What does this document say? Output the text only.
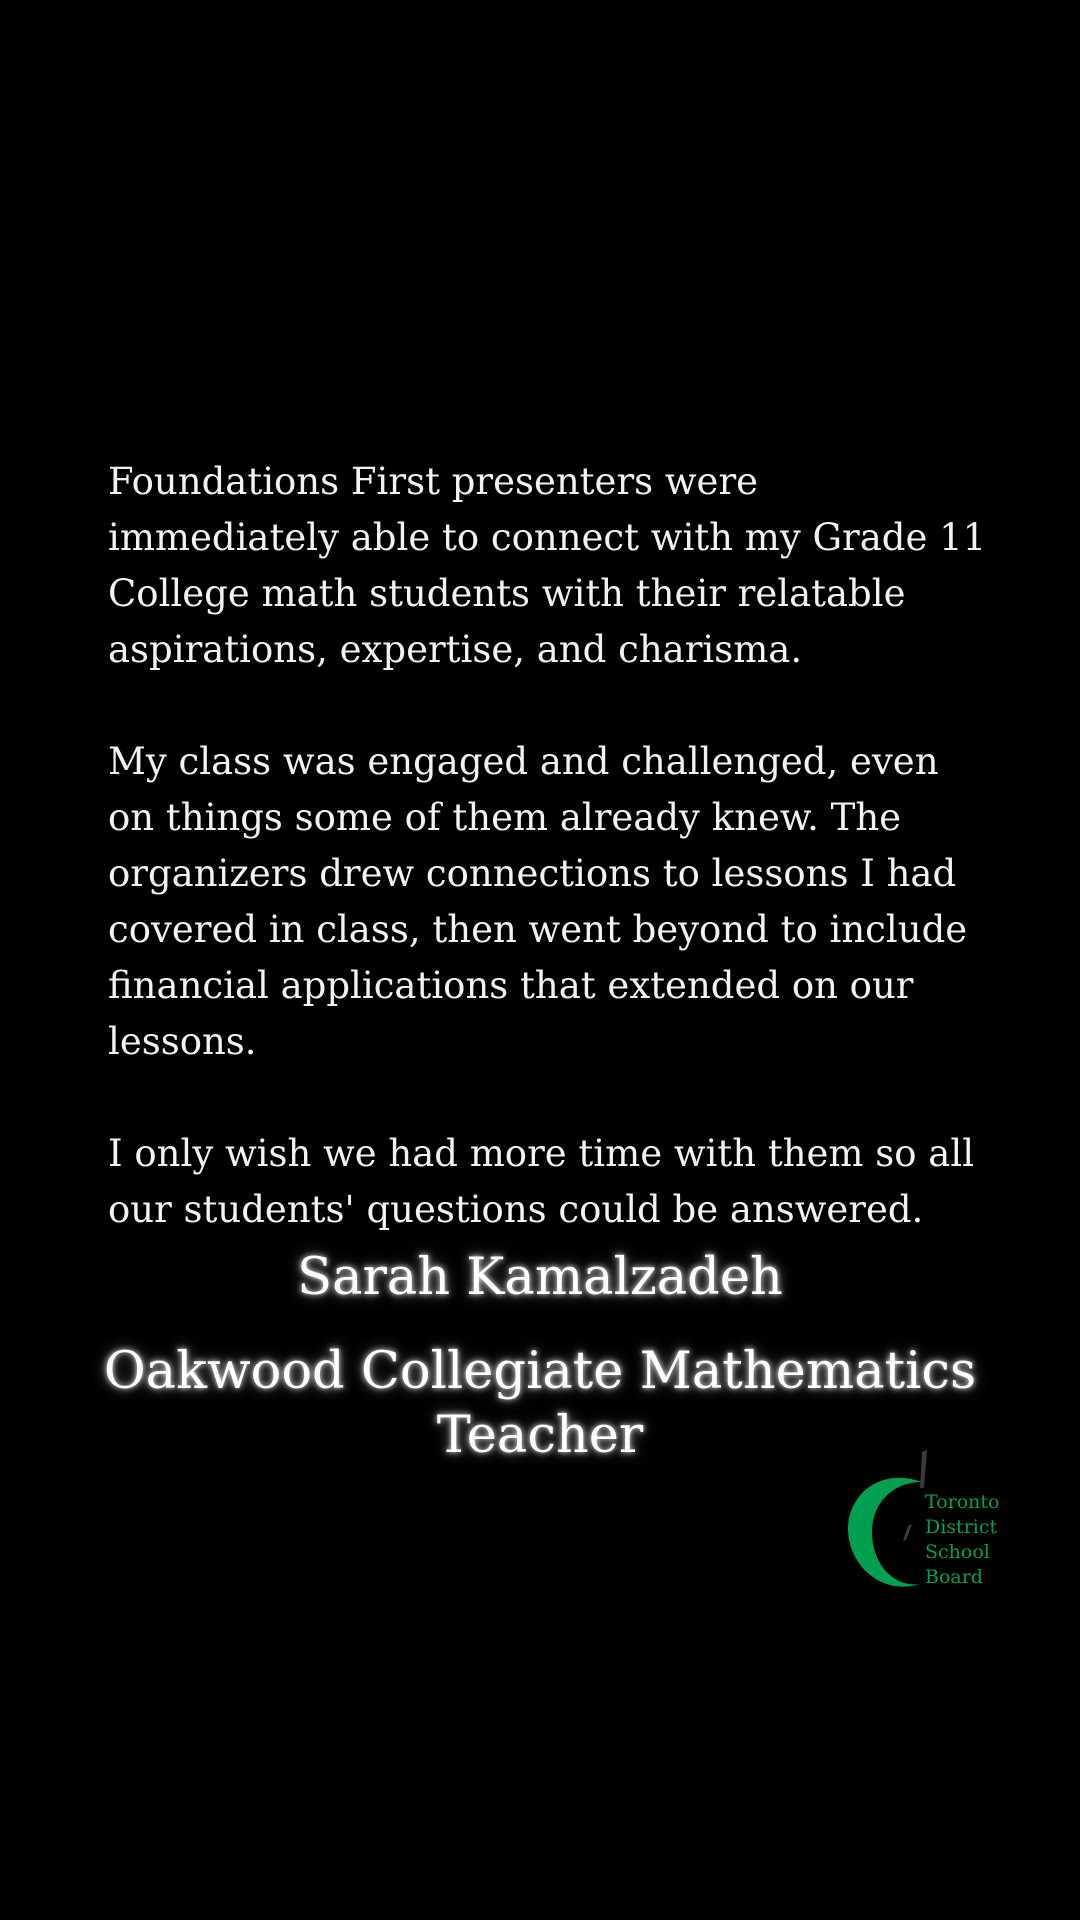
Foundations First presenters were immediately able to connect with my Grade 11 College math students with their relatable aspirations, expertise, and charisma.

My class was engaged and challenged, even on things some of them already knew. The organizers drew connections to lessons I had covered in class, then went beyond to include financial applications that extended on our lessons.

I only wish we had more time with them so all our students' questions could be answered.

Sarah Kamalzadeh
Oakwood Collegiate Mathematics Teacher
Toronto
District
School
Board
